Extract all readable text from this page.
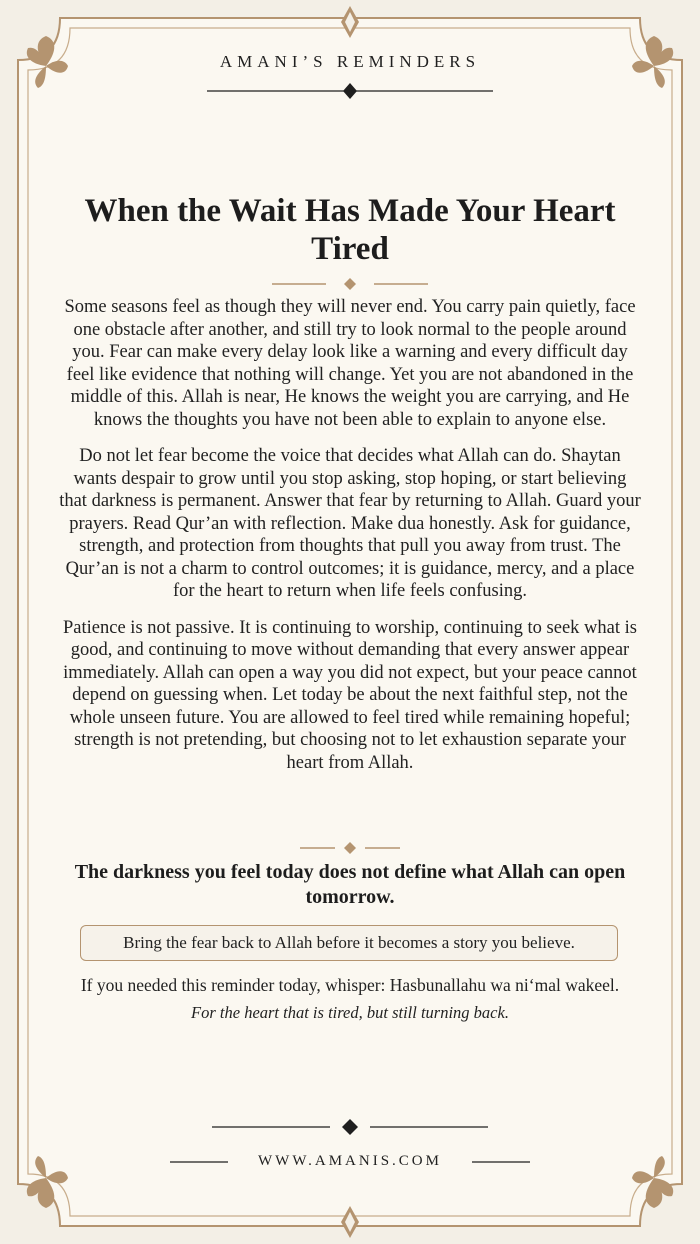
AMANI’S REMINDERS
When the Wait Has Made Your Heart Tired

Some seasons feel as though they will never end. You carry pain quietly, face one obstacle after another, and still try to look normal to the people around you. Fear can make every delay look like a warning and every difficult day feel like evidence that nothing will change. Yet you are not abandoned in the middle of this. Allah is near, He knows the weight you are carrying, and He knows the thoughts you have not been able to explain to anyone else.

Do not let fear become the voice that decides what Allah can do. Shaytan wants despair to grow until you stop asking, stop hoping, or start believing that darkness is permanent. Answer that fear by returning to Allah. Guard your prayers. Read Qur’an with reflection. Make dua honestly. Ask for guidance, strength, and protection from thoughts that pull you away from trust. The Qur’an is not a charm to control outcomes; it is guidance, mercy, and a place for the heart to return when life feels confusing.

Patience is not passive. It is continuing to worship, continuing to seek what is good, and continuing to move without demanding that every answer appear immediately. Allah can open a way you did not expect, but your peace cannot depend on guessing when. Let today be about the next faithful step, not the whole unseen future. You are allowed to feel tired while remaining hopeful; strength is not pretending, but choosing not to let exhaustion separate your heart from Allah.

The darkness you feel today does not define what Allah can open tomorrow.
Bring the fear back to Allah before it becomes a story you believe.
If you needed this reminder today, whisper: Hasbunallahu wa ni‘mal wakeel.
For the heart that is tired, but still turning back.
WWW.AMANIS.COM
